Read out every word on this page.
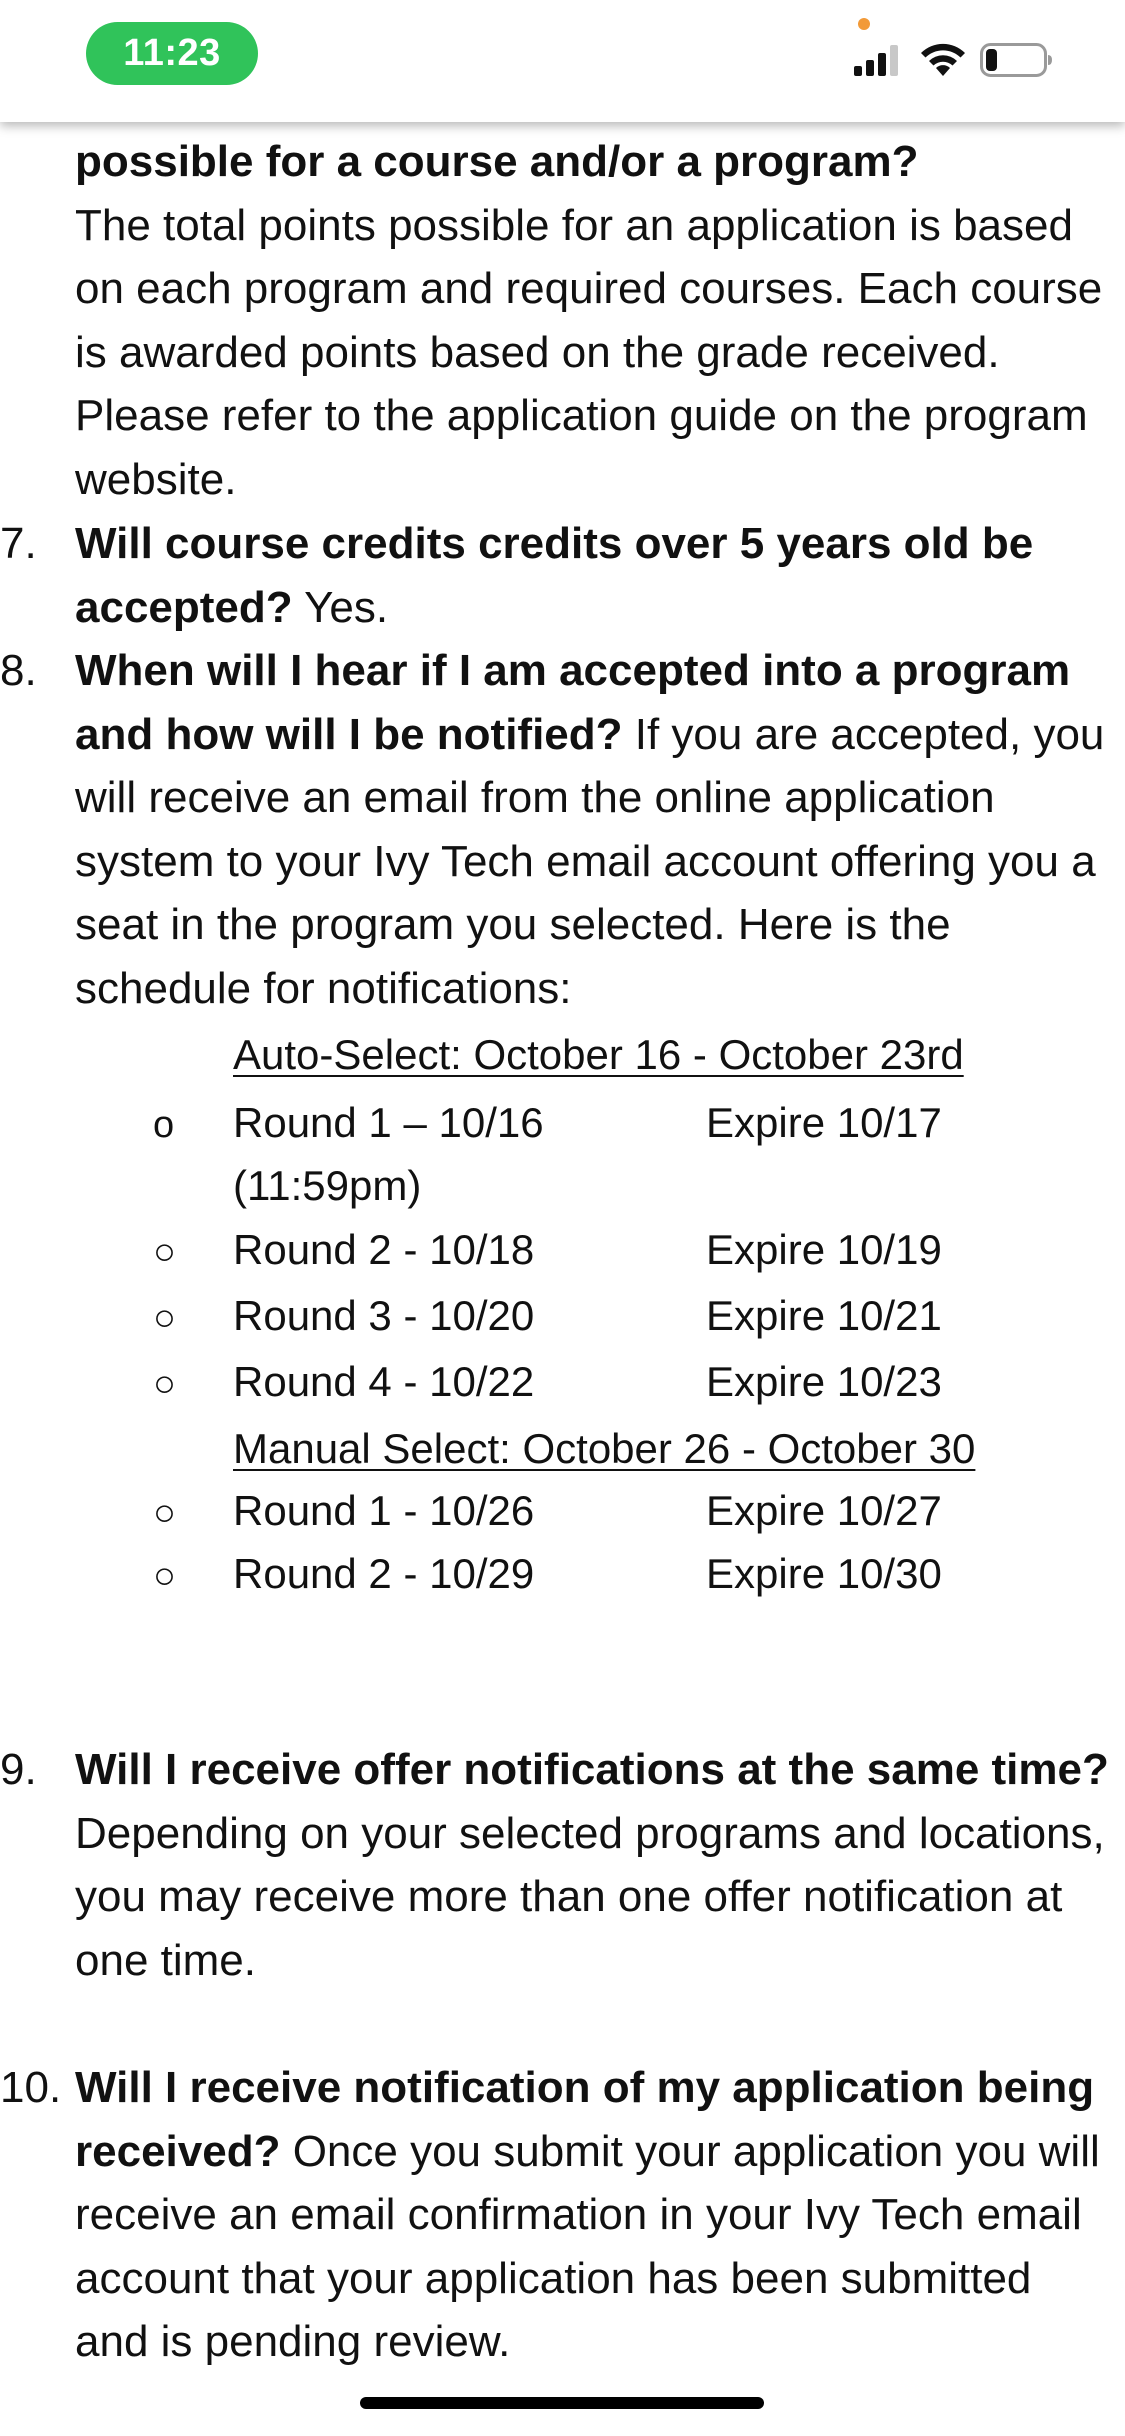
11:23
possible for a course and/or a program?
The total points possible for an application is based on each program and required courses. Each course is awarded points based on the grade received. Please refer to the application guide on the program website.
7. Will course credits credits over 5 years old be accepted? Yes.
8. When will I hear if I am accepted into a program and how will I be notified? If you are accepted, you will receive an email from the online application system to your Ivy Tech email account offering you a seat in the program you selected. Here is the schedule for notifications:
Auto-Select: October 16 - October 23rd
o Round 1 – 10/16	Expire 10/17
(11:59pm)
○ Round 2 - 10/18	Expire 10/19
○ Round 3 - 10/20	Expire 10/21
○ Round 4 - 10/22	Expire 10/23
Manual Select: October 26 - October 30
○ Round 1 - 10/26	Expire 10/27
○ Round 2 - 10/29	Expire 10/30
9. Will I receive offer notifications at the same time? Depending on your selected programs and locations, you may receive more than one offer notification at one time.
10. Will I receive notification of my application being received? Once you submit your application you will receive an email confirmation in your Ivy Tech email account that your application has been submitted and is pending review.
